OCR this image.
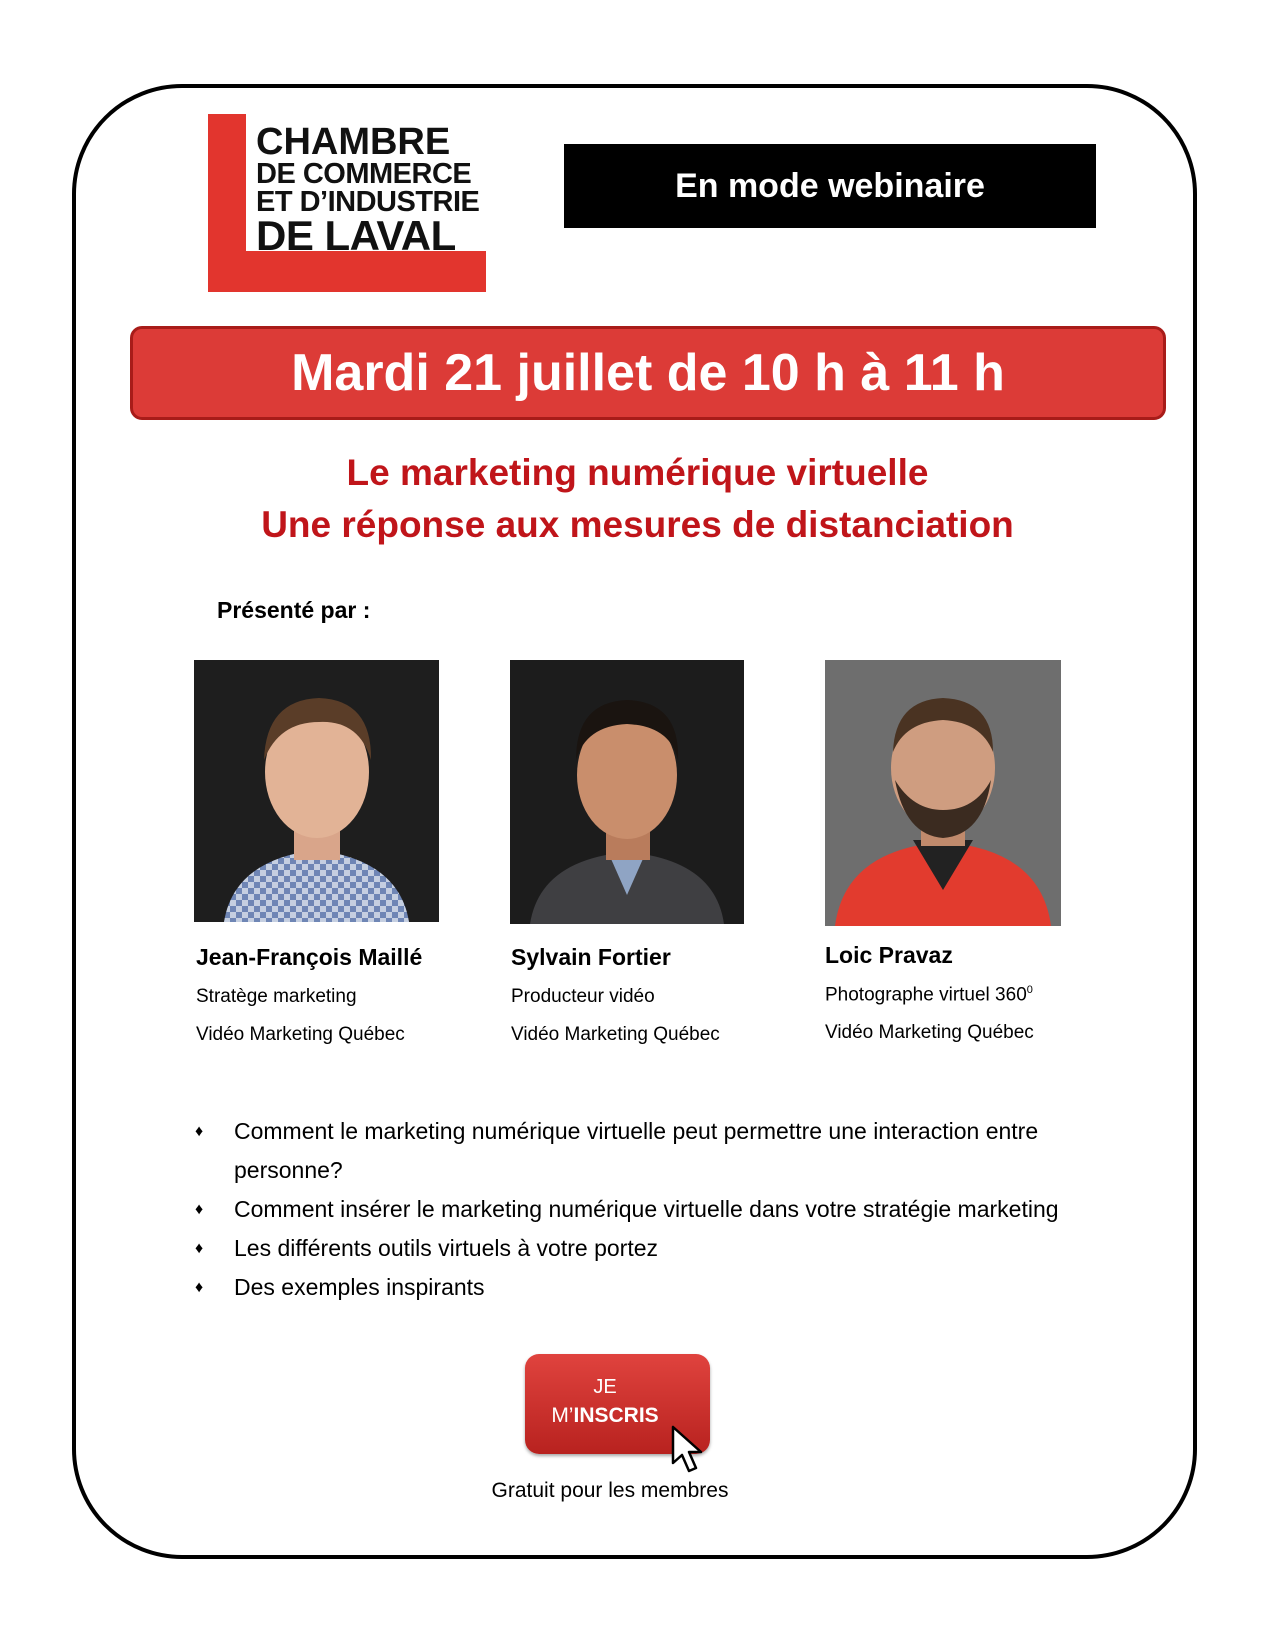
CHAMBRE
DE COMMERCE
ET D’INDUSTRIE
DE LAVAL
En mode webinaire
Mardi 21 juillet de 10 h à 11 h
Le marketing numérique virtuelle
Une réponse aux mesures de distanciation
Présenté par :
Jean-François Maillé
Stratège marketing
Vidéo Marketing Québec
Sylvain Fortier
Producteur vidéo
Vidéo Marketing Québec
Loic Pravaz
Photographe virtuel $360^0$
Vidéo Marketing Québec
♦ Comment le marketing numérique virtuelle peut permettre une interaction entre
personne?
♦ Comment insérer le marketing numérique virtuelle dans votre stratégie marketing
♦ Les différents outils virtuels à votre portez
♦ Des exemples inspirants
JE
M’INSCRIS
Gratuit pour les membres
